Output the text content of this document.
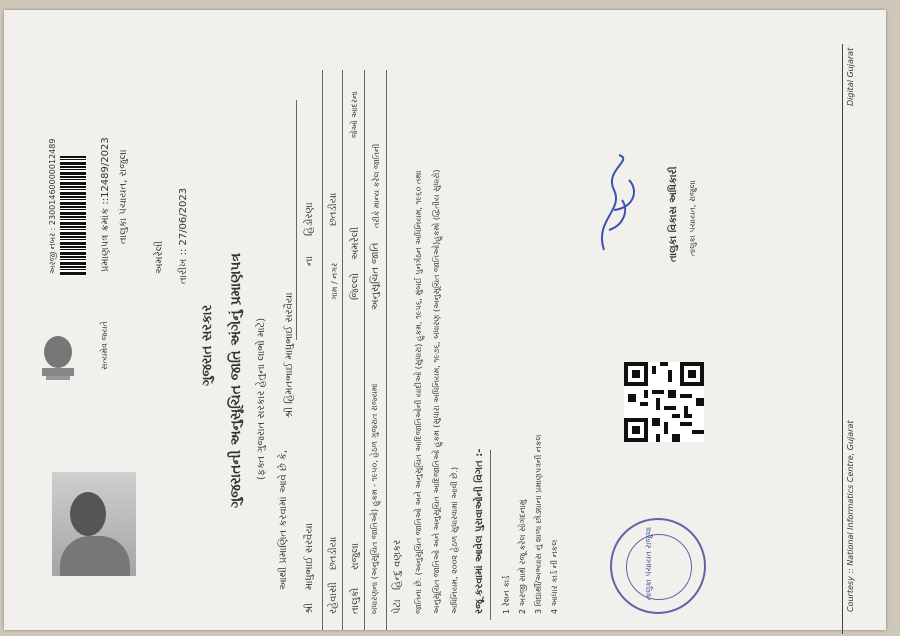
સત્યમેવ જયતે
અરજી નંબર : 23001460000012489	પ્રમાણપત્ર ક્રમાંક ::12489/2023 તાલુકા પંચાયત, રાજુલા
અમરેલી તારીખ :: 27/06/2023
ગુજરાત સરકાર ગુજરાતની અનુસૂચિત જાતિ અંગેનું પ્રમાણપત્ર (ફક્ત ગુજરાત સરકાર હેતુના લાભો માટે)
આથી પ્રમાણિત કરવામાં આવે છે કે,
શ્રી હિંમતભાઈ માધુભાઈ સરવૈયા
શ્રી
માધુભાઈ સરવૈયા
ના
હિંડોરણા
રહેવાસી
છતડીયા
ગામ / નગર
છતડીયા
તાલુકો
રાજુલા
જિલ્લો
અમરેલી
જેઓ આદરના
બંધારણના (અનુસૂચિત જાતિઓ) હુકમ - ૧૯૫૦, હેઠળ ગુજરાત રાજ્યમાં
અનુસૂચિત જાતિ
તરીકે માન્ય કરેલ જાતિની
પેટા
હિન્દુ વણકર જાતિના છે. (અનુસૂચિત જાતિઓ અને અનુસૂચિત આદિજાતિઓની યાદીઓ (સુધારા) હુકમ, ૧૯૫૬, મુંબઈ પુનર્ગઠન અધિનિયમ, ૧૯૬૦ તથા અનુસૂચિત જાતિઓ અને અનુસૂચિત આદિજાતિઓ હુકમ (સુધારા અધિનિયમ, ૧૯૭૬, બંધારણ (અનુસૂચિત જાતિઓ)હુકમો (દ્વિતીય સુધારો) અધિનિયમ, ૨૦૦૨ હેઠળ સુધારવામાં આવી છે.) રજૂ કરવામાં આવેલ પુરાવાઓની વિગત :- 1 રેશન કાર્ડ 2 અરજી સાથે રજૂ કરેલ સોગંદનામું 3 વિદ્યાર્થી/અભ્યાસ નું શાળા છોડ્યાના પ્રમાણપત્રની નકલ 4 આધાર કાર્ડ ની નકલ
તાલુકા વિકાસ અધિકારી તાલુકા પંચાયત, રાજુલા
તાલુકા પંચાયત રાજુલા	Courtesy :: National Informatics Centre, Gujarat
Digital Gujarat
